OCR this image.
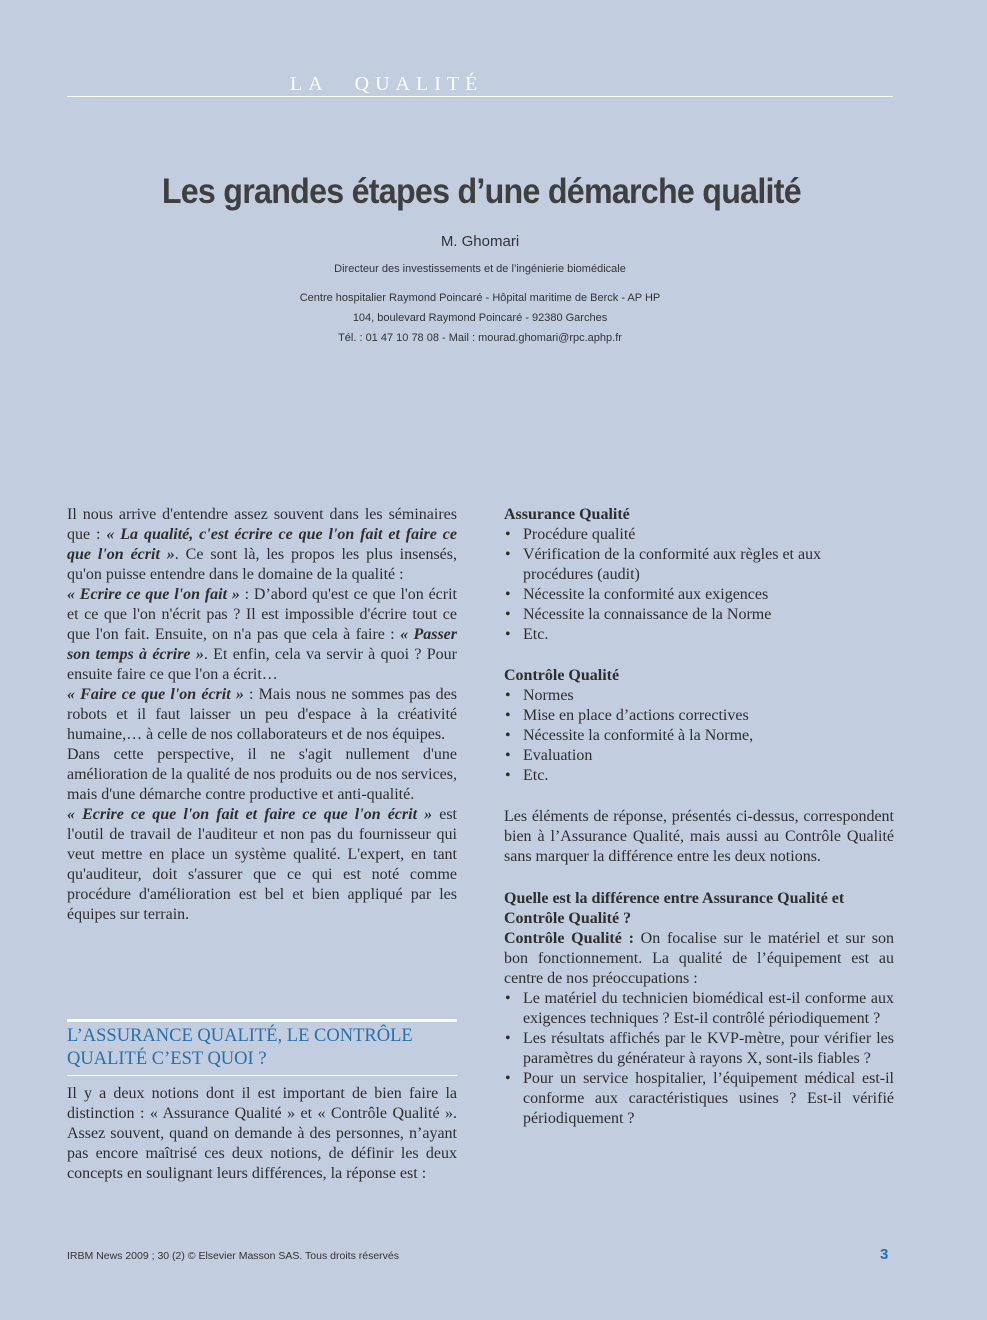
LA QUALITÉ
Les grandes étapes d’une démarche qualité
M. Ghomari
Directeur des investissements et de l’ingénierie biomédicale
Centre hospitalier Raymond Poincaré - Hôpital maritime de Berck - AP HP
104, boulevard Raymond Poincaré - 92380 Garches
Tél. : 01 47 10 78 08 - Mail : mourad.ghomari@rpc.aphp.fr

Il nous arrive d'entendre assez souvent dans les séminaires que : « La qualité, c'est écrire ce que l'on fait et faire ce que l'on écrit ». Ce sont là, les propos les plus insensés, qu'on puisse entendre dans le domaine de la qualité :

« Ecrire ce que l'on fait » : D’abord qu'est ce que l'on écrit et ce que l'on n'écrit pas ? Il est impossible d'écrire tout ce que l'on fait. Ensuite, on n'a pas que cela à faire : « Passer son temps à écrire ». Et enfin, cela va servir à quoi ? Pour ensuite faire ce que l'on a écrit…

« Faire ce que l'on écrit » : Mais nous ne sommes pas des robots et il faut laisser un peu d'espace à la créativité humaine,… à celle de nos collaborateurs et de nos équipes.

Dans cette perspective, il ne s'agit nullement d'une amélioration de la qualité de nos produits ou de nos services, mais d'une démarche contre productive et anti-qualité.

« Ecrire ce que l'on fait et faire ce que l'on écrit » est l'outil de travail de l'auditeur et non pas du fournisseur qui veut mettre en place un système qualité. L'expert, en tant qu'auditeur, doit s'assurer que ce qui est noté comme procédure d'amélioration est bel et bien appliqué par les équipes sur terrain.

L’ASSURANCE QUALITÉ, LE CONTRÔLE QUALITÉ C’EST QUOI ?
Il y a deux notions dont il est important de bien faire la distinction : « Assurance Qualité » et « Contrôle Qualité ». Assez souvent, quand on demande à des personnes, n’ayant pas encore maîtrisé ces deux notions, de définir les deux concepts en soulignant leurs différences, la réponse est :

Assurance Qualité

• Procédure qualité
• Vérification de la conformité aux règles et aux procédures (audit)
• Nécessite la conformité aux exigences
• Nécessite la connaissance de la Norme
• Etc.

Contrôle Qualité

• Normes
• Mise en place d’actions correctives
• Nécessite la conformité à la Norme,
• Evaluation
• Etc.

Les éléments de réponse, présentés ci-dessus, correspondent bien à l’Assurance Qualité, mais aussi au Contrôle Qualité sans marquer la différence entre les deux notions.

Quelle est la différence entre Assurance Qualité et Contrôle Qualité ?

Contrôle Qualité : On focalise sur le matériel et sur son bon fonctionnement. La qualité de l’équipement est au centre de nos préoccupations :

• Le matériel du technicien biomédical est-il conforme aux exigences techniques ? Est-il contrôlé périodiquement ?
• Les résultats affichés par le KVP-mètre, pour vérifier les paramètres du générateur à rayons X, sont-ils fiables ?
• Pour un service hospitalier, l’équipement médical est-il conforme aux caractéristiques usines ? Est-il vérifié périodiquement ?
IRBM News 2009 ; 30 (2) © Elsevier Masson SAS. Tous droits réservés	3
